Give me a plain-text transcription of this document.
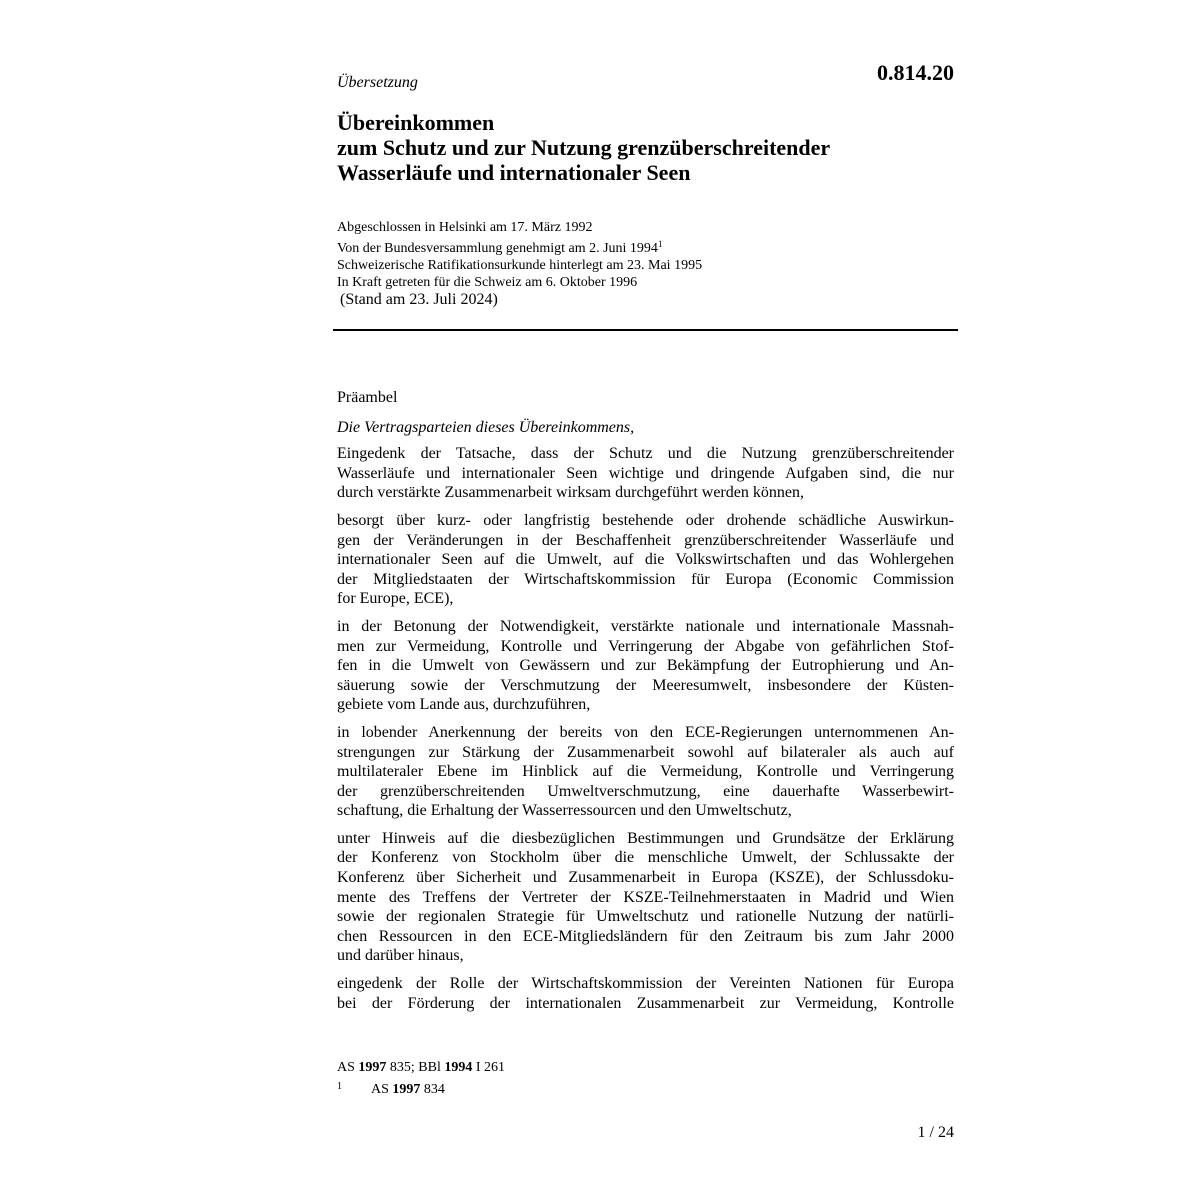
Übersetzung	0.814.20
Übereinkommen
zum Schutz und zur Nutzung grenzüberschreitender
Wasserläufe und internationaler Seen
Abgeschlossen in Helsinki am 17. März 1992
Von der Bundesversammlung genehmigt am 2. Juni 1994$^1$
Schweizerische Ratifikationsurkunde hinterlegt am 23. Mai 1995
In Kraft getreten für die Schweiz am 6. Oktober 1996
(Stand am 23. Juli 2024)

Präambel

Die Vertragsparteien dieses Übereinkommens,

Eingedenk der Tatsache, dass der Schutz und die Nutzung grenzüberschreitender
Wasserläufe und internationaler Seen wichtige und dringende Aufgaben sind, die nur
durch verstärkte Zusammenarbeit wirksam durchgeführt werden können,

besorgt über kurz- oder langfristig bestehende oder drohende schädliche Auswirkun-
gen der Veränderungen in der Beschaffenheit grenzüberschreitender Wasserläufe und
internationaler Seen auf die Umwelt, auf die Volkswirtschaften und das Wohlergehen
der Mitgliedstaaten der Wirtschaftskommission für Europa (Economic Commission
for Europe, ECE),

in der Betonung der Notwendigkeit, verstärkte nationale und internationale Massnah-
men zur Vermeidung, Kontrolle und Verringerung der Abgabe von gefährlichen Stof-
fen in die Umwelt von Gewässern und zur Bekämpfung der Eutrophierung und An-
säuerung sowie der Verschmutzung der Meeresumwelt, insbesondere der Küsten-
gebiete vom Lande aus, durchzuführen,

in lobender Anerkennung der bereits von den ECE-Regierungen unternommenen An-
strengungen zur Stärkung der Zusammenarbeit sowohl auf bilateraler als auch auf
multilateraler Ebene im Hinblick auf die Vermeidung, Kontrolle und Verringerung
der grenzüberschreitenden Umweltverschmutzung, eine dauerhafte Wasserbewirt-
schaftung, die Erhaltung der Wasserressourcen und den Umweltschutz,

unter Hinweis auf die diesbezüglichen Bestimmungen und Grundsätze der Erklärung
der Konferenz von Stockholm über die menschliche Umwelt, der Schlussakte der
Konferenz über Sicherheit und Zusammenarbeit in Europa (KSZE), der Schlussdoku-
mente des Treffens der Vertreter der KSZE-Teilnehmerstaaten in Madrid und Wien
sowie der regionalen Strategie für Umweltschutz und rationelle Nutzung der natürli-
chen Ressourcen in den ECE-Mitgliedsländern für den Zeitraum bis zum Jahr 2000
und darüber hinaus,

eingedenk der Rolle der Wirtschaftskommission der Vereinten Nationen für Europa
bei der Förderung der internationalen Zusammenarbeit zur Vermeidung, Kontrolle

AS 1997 835; BBl 1994 I 261
1 AS 1997 834
1 / 24
